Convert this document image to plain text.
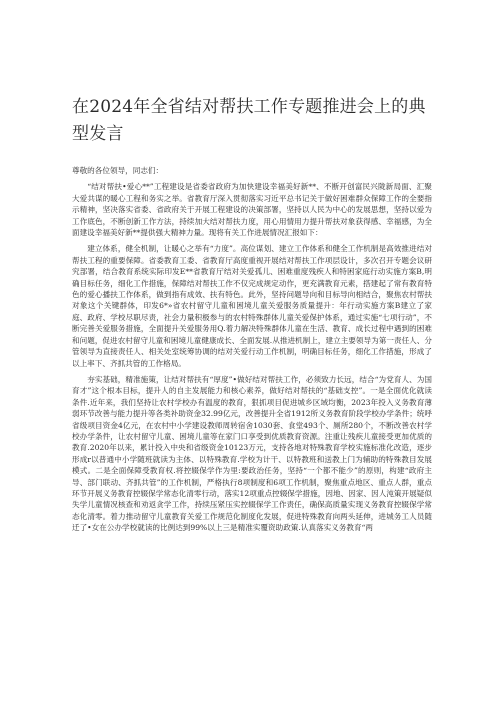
在2024年全省结对帮扶工作专题推进会上的典型发言

尊敬的各位领导，同志们：

“结对帮扶•爱心**”工程建设是省委省政府为加快建设幸福美好新**、不断开创富民兴陇新局面、汇聚大爱共谋的暖心工程和务实之举。省教育厅深入贯彻落实习近平总书记关于做好困难群众保障工作的全要指示精神，坚决落实省委、省政府关于开展工程建设的决策部署，坚持以人民为中心的发展思想，坚持以爱为工作底色，不断创新工作方法，持续加大结对帮扶力度，用心用情用力提升帮扶对象获得感、幸福感，为全面建设幸福美好新**提供强大精神力量。现将有关工作进展情况汇报如下：

建立体系，健全机制，让暖心之举有“力度”。高位谋划、建立工作体系和健全工作机制是高效推进结对帮扶工程的重要保障。省委教育工委、省教育厅高度重视开展结对帮扶工作项层设计，多次召开专题会议研究部署，结合教育系统实际印发E**省教育厅结对关爱孤儿、困难重度残疾人和特困家庭行动实施方案B,明确目标任务，细化工作措施，保障结对帮扶工作不仅完成规定动作，更充满教育元素，搭建起了常有教育特色的爱心播扶工作体系，做到指有成效、扶有特色。此外，坚持问题导向和目标导向相结合，聚焦农村帮扶对象这个关键群体，印发6*»省农村留守儿童和困境儿童关爱服务质量提升：年行动实施方案B建立了家庭、政府、学校尽职尽责，社会力量积极参与的农村特殊群体儿童关爱保护体系，通过实施“七项行动”，不断完善关爱服务措施，全面提升关爱服务用Q.着力解决特殊群体儿童在生活、教育、成长过程中遇到的困难和问题，促进农村留守儿童和困境儿童健康成长、全面发展.从推进机制上，建立主要领导为第一责任人、分管领导为直接责任人、相关处室统筹协调的结对关爱行动工作机制，明确目标任务，细化工作措施，形成了以上率下、齐抓共管的工作格局。

夯实基础，精准施策，让结对帮扶有“厚度”•做好结对帮扶工作，必须致力长远，结合“为党育人、为国育才”这个根本目标，提升人的自主发展能力和核心素养，做好结对帮扶的“基础支控”。一是全面优化就读条件.近年来，我们坚持让农村学校办有温度的教育，狠抓项目促进城乡区域均衡，2023年投入义务教育薄弱环节改善与能力提升等各类补助资金32.99亿元，改善提升全省1912所义务教育阶段学校办学条件；统呼省级项目资金4亿元，在农村中小学建设教师周转宿舍1030套、食堂493个、厕所280个，不断改善农村学校办学条件，让农村留守儿童、困境儿童等在家门口享受到优质教育资源。注重让残疾儿童接受更加优质的教育.2020年以来，累计投入中央和省级资金10123万元，支持各地对特殊教育学校实施标准化改造，逐步形成r以普通中小学随班就读为主体、以特殊教育.学校为计干、以特教班和送教上门为辅助的特殊教目发展模式。二是全面保障受教育权.将控辍保学作为里:要政治任务，坚持“一个都不能少”的原则，构建“政府主导、部门联动、齐抓共管”的工作机制，严格执行8项制度和6项工作机制，聚焦重点地区、重点人群，重点环节开展义务教育控辍保学常态化清零行动，落实12项重点控辍保学措施，因地、因家、因人沌策开展疑似失学儿童情况核查和劝返贪学工作，持续压紧压实控辍保学工作责任，确保高质量实现义务教育控辍保学常态化清零。着力推动留守儿童教育关爱工作规范化制度化发展，促进特殊教育向两头延伸，进城务工人员随迁了•女在公办学校就读的比例达到99%以上三是精准实覆资助政策.认真落实义务教育“两
